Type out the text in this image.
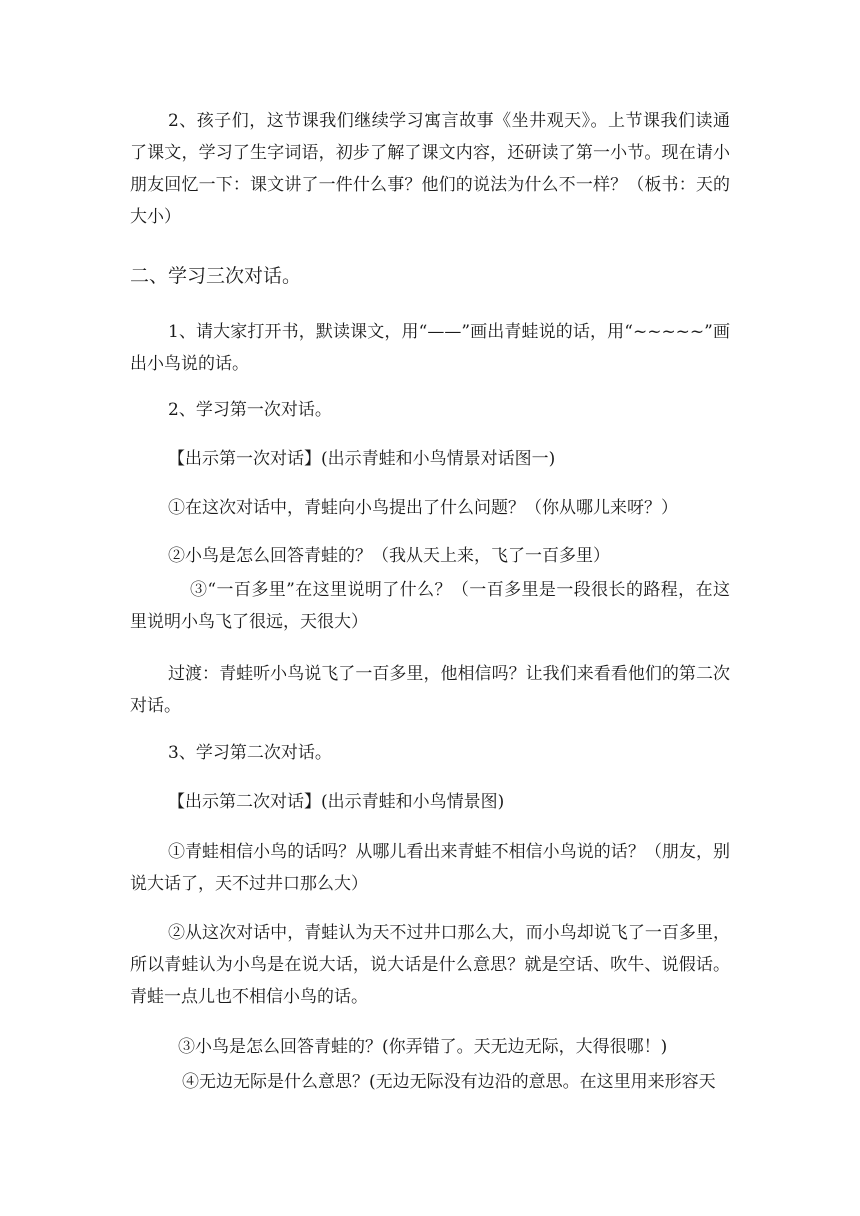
2、孩子们，这节课我们继续学习寓言故事《坐井观天》。上节课我们读通了课文，学习了生字词语，初步了解了课文内容，还研读了第一小节。现在请小朋友回忆一下：课文讲了一件什么事？他们的说法为什么不一样？（板书：天的大小）

二、学习三次对话。

1、请大家打开书，默读课文，用“——”画出青蛙说的话，用“~~~~~”画出小鸟说的话。

2、学习第一次对话。

【出示第一次对话】(出示青蛙和小鸟情景对话图一)

①在这次对话中，青蛙向小鸟提出了什么问题？（你从哪儿来呀？）

②小鸟是怎么回答青蛙的？（我从天上来，飞了一百多里）

③“一百多里”在这里说明了什么？（一百多里是一段很长的路程，在这里说明小鸟飞了很远，天很大）

过渡：青蛙听小鸟说飞了一百多里，他相信吗？让我们来看看他们的第二次对话。

3、学习第二次对话。

【出示第二次对话】(出示青蛙和小鸟情景图)

①青蛙相信小鸟的话吗？从哪儿看出来青蛙不相信小鸟说的话？（朋友，别说大话了，天不过井口那么大）

②从这次对话中，青蛙认为天不过井口那么大，而小鸟却说飞了一百多里，所以青蛙认为小鸟是在说大话，说大话是什么意思？就是空话、吹牛、说假话。青蛙一点儿也不相信小鸟的话。

③小鸟是怎么回答青蛙的？(你弄错了。天无边无际，大得很哪！)

④无边无际是什么意思？(无边无际没有边沿的意思。在这里用来形容天
